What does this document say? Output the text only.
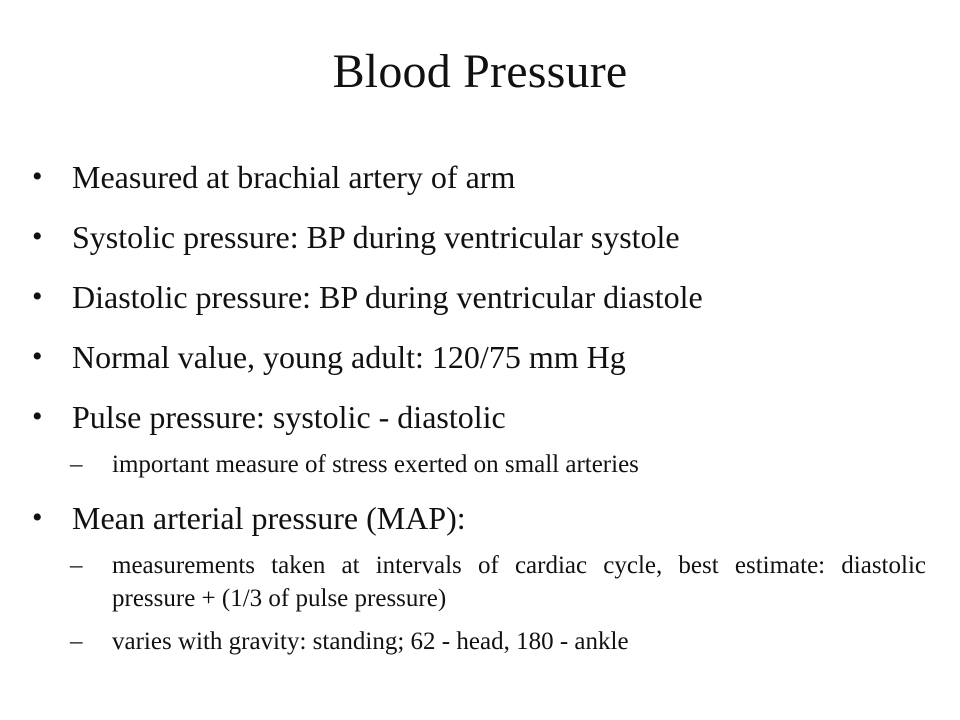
Blood Pressure
• Measured at brachial artery of arm
• Systolic pressure: BP during ventricular systole
• Diastolic pressure: BP during ventricular diastole
• Normal value, young adult: 120/75 mm Hg
• Pulse pressure: systolic - diastolic
–	important measure of stress exerted on small arteries
• Mean arterial pressure (MAP):
–	measurements taken at intervals of cardiac cycle, best estimate: diastolic pressure + (1/3 of pulse pressure)
–	varies with gravity: standing; 62 - head, 180 - ankle
